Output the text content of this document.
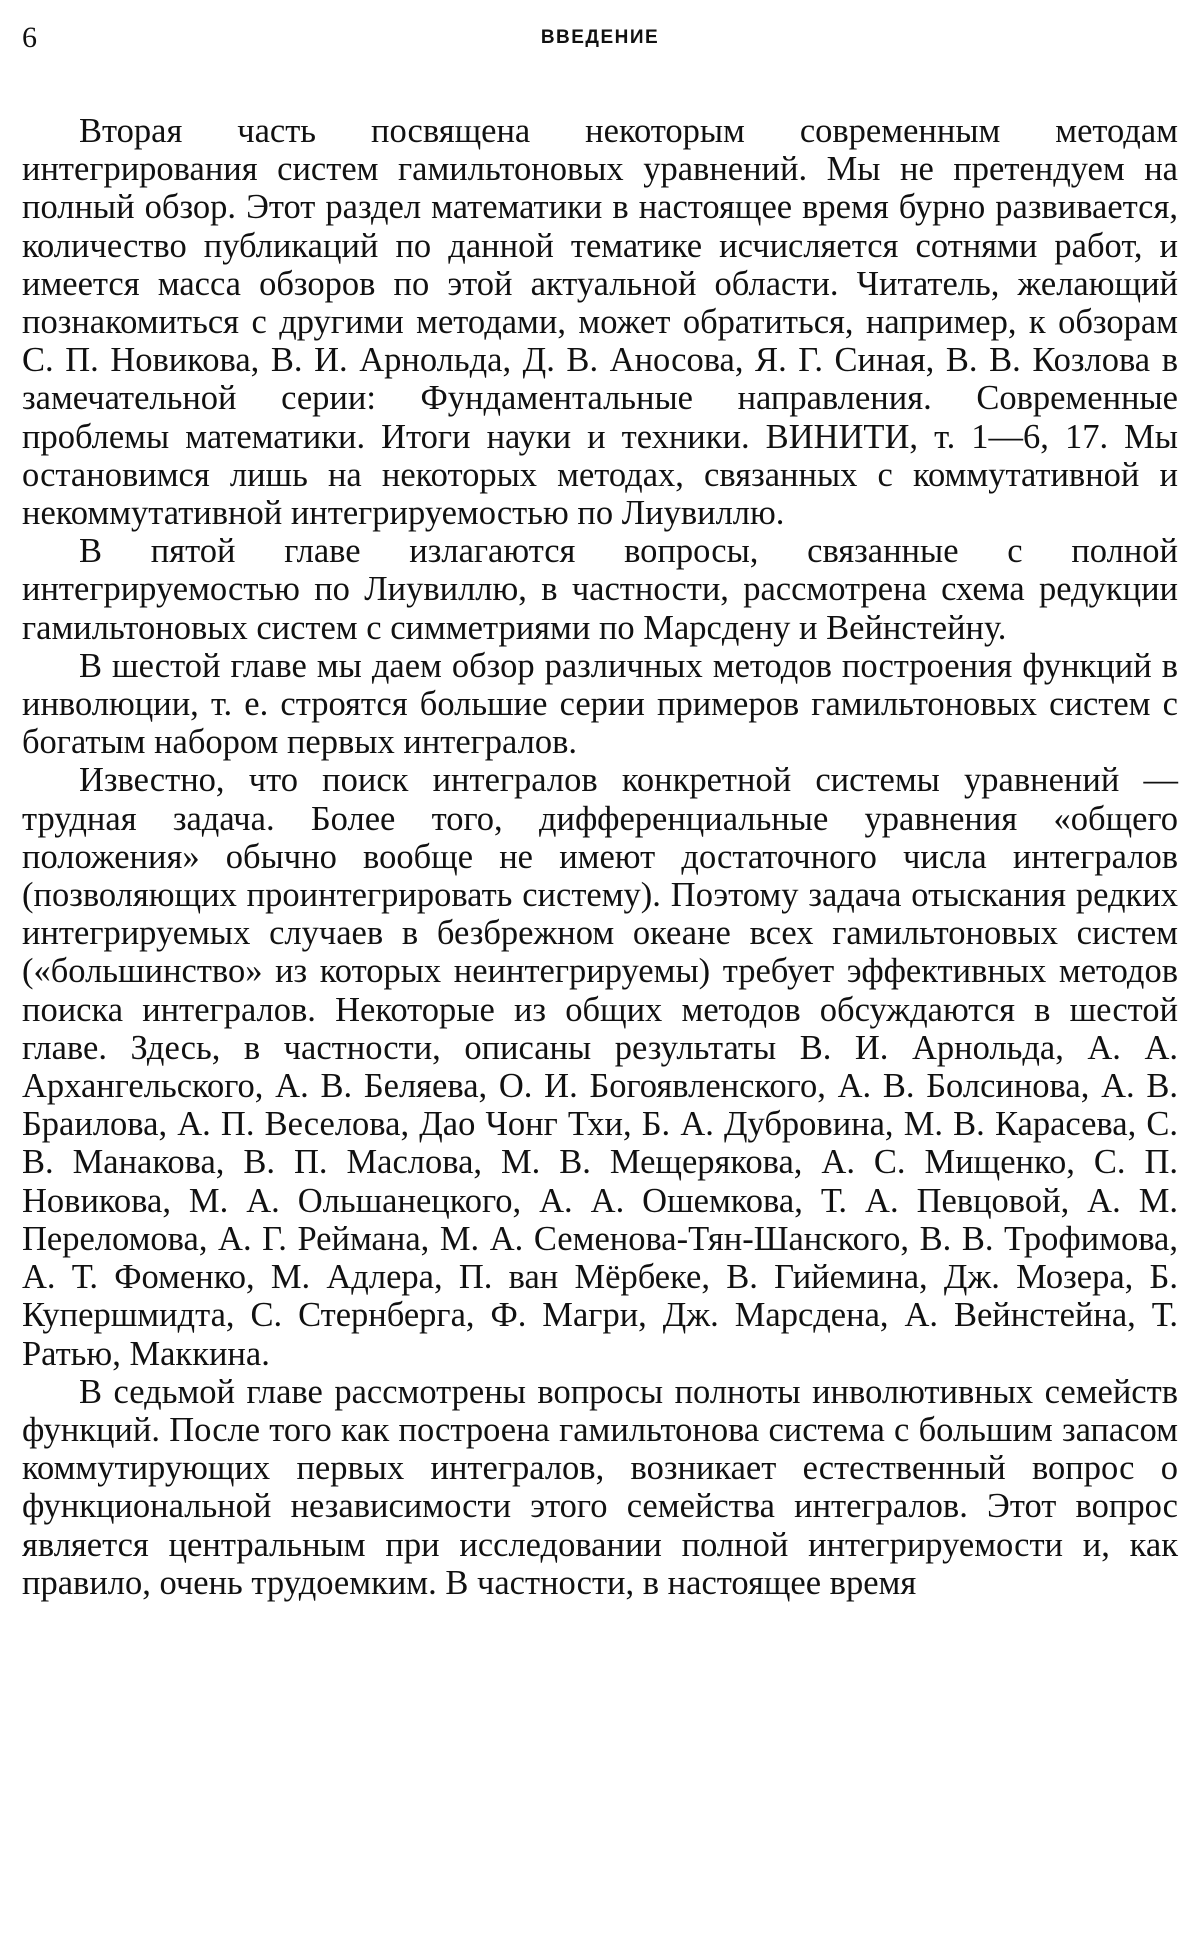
6	ВВЕДЕНИЕ

Вторая часть посвящена некоторым современным методам интегрирования систем гамильтоновых уравнений. Мы не претендуем на полный обзор. Этот раздел математики в настоящее время бурно развивается, количество публикаций по данной тематике исчисляется сотнями работ, и имеется масса обзоров по этой актуальной области. Читатель, желающий познакомиться с другими методами, может обратиться, например, к обзорам С. П. Новикова, В. И. Арнольда, Д. В. Аносова, Я. Г. Синая, В. В. Козлова в замечательной серии: Фундаментальные направления. Современные проблемы математики. Итоги науки и техники. ВИНИТИ, т. 1—6, 17. Мы остановимся лишь на некоторых методах, связанных с коммутативной и некоммутативной интегрируемостью по Лиувиллю.

В пятой главе излагаются вопросы, связанные с полной интегрируемостью по Лиувиллю, в частности, рассмотрена схема редукции гамильтоновых систем с симметриями по Марсдену и Вейнстейну.

В шестой главе мы даем обзор различных методов построения функций в инволюции, т. е. строятся большие серии примеров гамильтоновых систем с богатым набором первых интегралов.

Известно, что поиск интегралов конкретной системы уравнений — трудная задача. Более того, дифференциальные уравнения «общего положения» обычно вообще не имеют достаточного числа интегралов (позволяющих проинтегрировать систему). Поэтому задача отыскания редких интегрируемых случаев в безбрежном океане всех гамильтоновых систем («большинство» из которых неинтегрируемы) требует эффективных методов поиска интегралов. Некоторые из общих методов обсуждаются в шестой главе. Здесь, в частности, описаны результаты В. И. Арнольда, А. А. Архангельского, А. В. Беляева, О. И. Богоявленского, А. В. Болсинова, А. В. Браилова, А. П. Веселова, Дао Чонг Тхи, Б. А. Дубровина, М. В. Карасева, С. В. Манакова, В. П. Маслова, М. В. Мещерякова, А. С. Мищенко, С. П. Новикова, М. А. Ольшанецкого, А. А. Ошемкова, Т. А. Певцовой, А. М. Переломова, А. Г. Реймана, М. А. Семенова-Тян-Шанского, В. В. Трофимова, А. Т. Фоменко, М. Адлера, П. ван Мёрбеке, В. Гийемина, Дж. Мозера, Б. Купершмидта, С. Стернберга, Ф. Магри, Дж. Марсдена, А. Вейнстейна, Т. Ратью, Маккина.

В седьмой главе рассмотрены вопросы полноты инволютивных семейств функций. После того как построена гамильтонова система с большим запасом коммутирующих первых интегралов, возникает естественный вопрос о функциональной независимости этого семейства интегралов. Этот вопрос является центральным при исследовании полной интегрируемости и, как правило, очень трудоемким. В частности, в настоящее время
